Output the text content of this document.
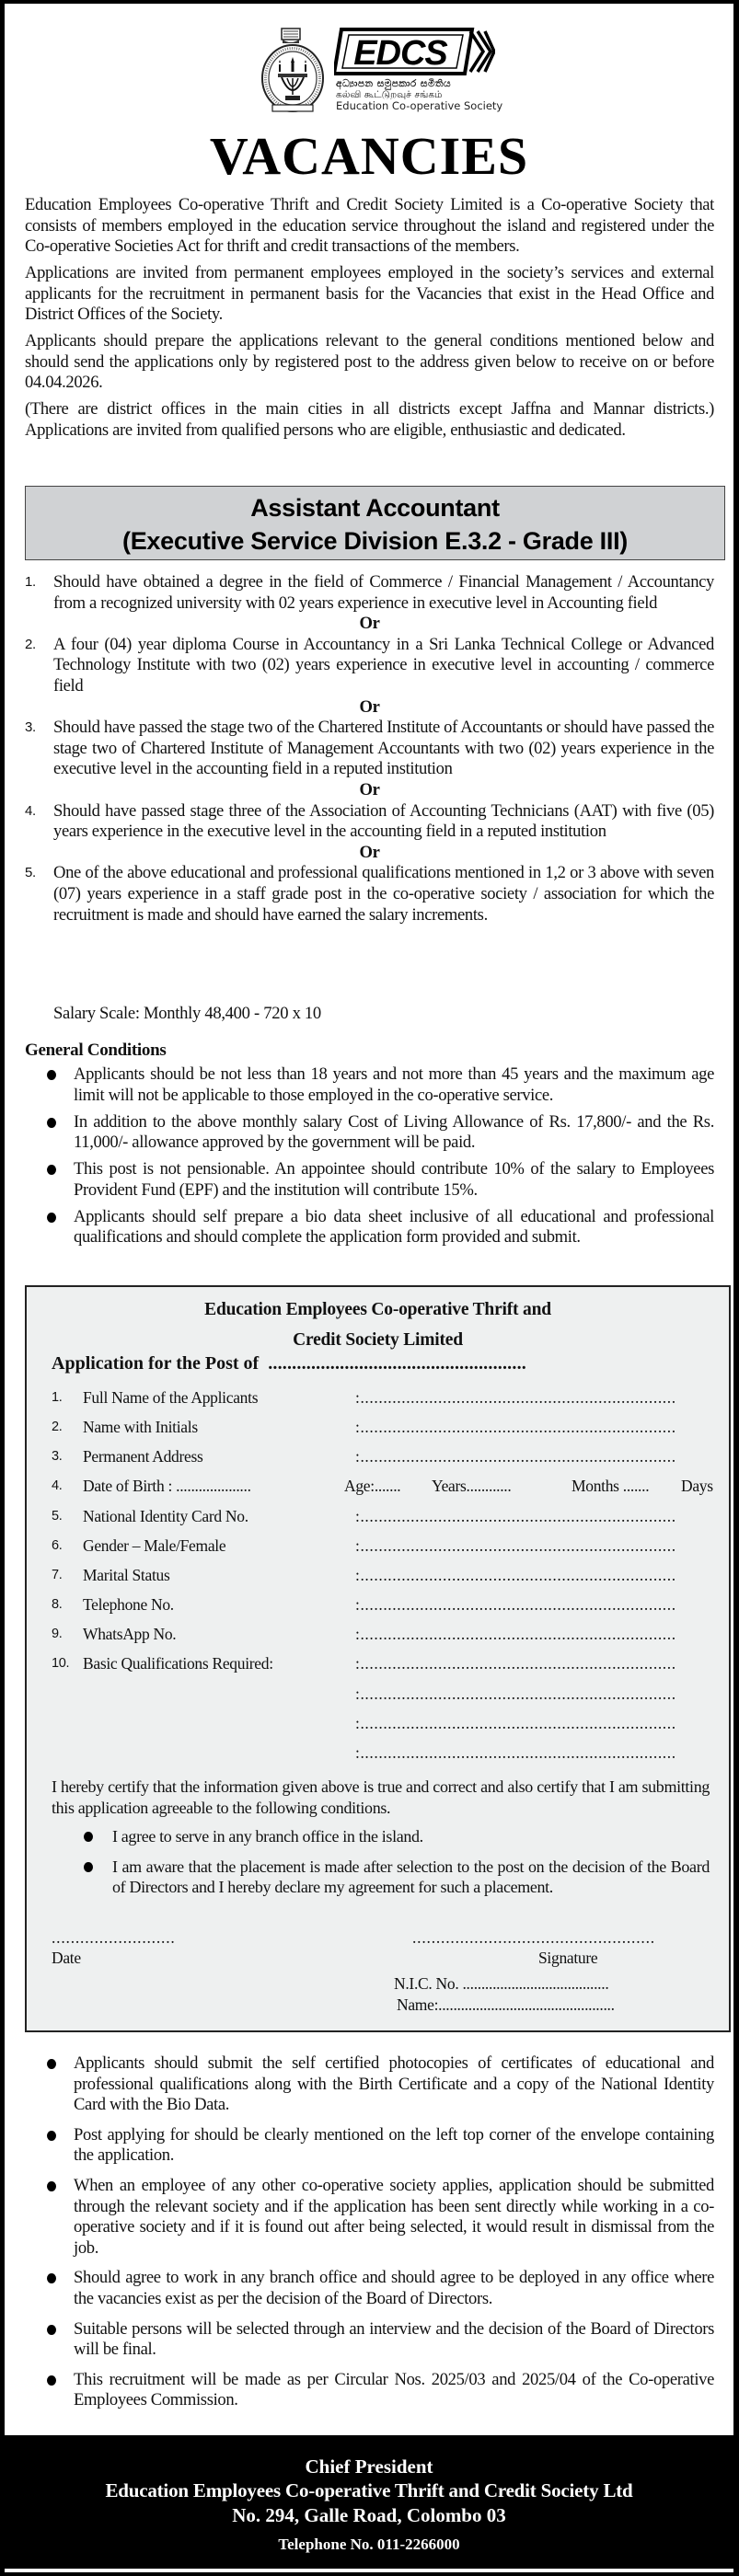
EDCS
අධ්‍යාපන සමුපකාර සමිතිය
கல்வி கூட்டுறவுச் சங்கம்
Education Co-operative Society
VACANCIES

Education Employees Co-operative Thrift and Credit Society Limited is a Co-operative Society that consists of members employed in the education service throughout the island and registered under the Co-operative Societies Act for thrift and credit transactions of the members.

Applications are invited from permanent employees employed in the society’s services and external applicants for the recruitment in permanent basis for the Vacancies that exist in the Head Office and District Offices of the Society.

Applicants should prepare the applications relevant to the general conditions mentioned below and should send the applications only by registered post to the address given below to receive on or before 04.04.2026.

(There are district offices in the main cities in all districts except Jaffna and Mannar districts.) Applications are invited from qualified persons who are eligible, enthusiastic and dedicated.

Assistant Accountant
(Executive Service Division E.3.2 - Grade III)
1.	Should have obtained a degree in the field of Commerce / Financial Management / Accountancy from a recognized university with 02 years experience in executive level in Accounting field
Or
2.	A four (04) year diploma Course in Accountancy in a Sri Lanka Technical College or Advanced Technology Institute with two (02) years experience in executive level in accounting / commerce field
Or
3.	Should have passed the stage two of the Chartered Institute of Accountants or should have passed the stage two of Chartered Institute of Management Accountants with two (02) years experience in the executive level in the accounting field in a reputed institution
Or
4.	Should have passed stage three of the Association of Accounting Technicians (AAT) with five (05) years experience in the executive level in the accounting field in a reputed institution
Or
5.	One of the above educational and professional qualifications mentioned in 1,2 or 3 above with seven (07) years experience in a staff grade post in the co-operative society / association for which the recruitment is made and should have earned the salary increments.
Salary Scale: Monthly 48,400 - 720 x 10
General Conditions
Applicants should be not less than 18 years and not more than 45 years and the maximum age limit will not be applicable to those employed in the co-operative service.
In addition to the above monthly salary Cost of Living Allowance of Rs. 17,800/- and the Rs. 11,000/- allowance approved by the government will be paid.
This post is not pensionable. An appointee should contribute 10% of the salary to Employees Provident Fund (EPF) and the institution will contribute 15%.
Applicants should self prepare a bio data sheet inclusive of all educational and professional qualifications and should complete the application form provided and submit.
Education Employees Co-operative Thrift and
Credit Society Limited
Application for the Post of ......................................................
1. Full Name of the Applicants	:.....................................................................
2. Name with Initials	:.....................................................................
3. Permanent Address	:.....................................................................
4. Date of Birth : ....................	Age:....... Years............	Months ....... Days
5. National Identity Card No.	:.....................................................................
6. Gender – Male/Female	:.....................................................................
7. Marital Status	:.....................................................................
8. Telephone No.	:.....................................................................
9. WhatsApp No.	:.....................................................................
10. Basic Qualifications Required:	:.....................................................................
:.....................................................................
:.....................................................................
:.....................................................................
I hereby certify that the information given above is true and correct and also certify that I am submitting this application agreeable to the following conditions.
I agree to serve in any branch office in the island.
I am aware that the placement is made after selection to the post on the decision of the Board of Directors and I hereby declare my agreement for such a placement.
..........................
Date
...................................................
Signature
N.I.C. No. .......................................
Name:...............................................
Applicants should submit the self certified photocopies of certificates of educational and professional qualifications along with the Birth Certificate and a copy of the National Identity Card with the Bio Data.
Post applying for should be clearly mentioned on the left top corner of the envelope containing the application.
When an employee of any other co-operative society applies, application should be submitted through the relevant society and if the application has been sent directly while working in a co-operative society and if it is found out after being selected, it would result in dismissal from the job.
Should agree to work in any branch office and should agree to be deployed in any office where the vacancies exist as per the decision of the Board of Directors.
Suitable persons will be selected through an interview and the decision of the Board of Directors will be final.
This recruitment will be made as per Circular Nos. 2025/03 and 2025/04 of the Co-operative Employees Commission.
Chief President
Education Employees Co-operative Thrift and Credit Society Ltd
No. 294, Galle Road, Colombo 03
Telephone No. 011-2266000
